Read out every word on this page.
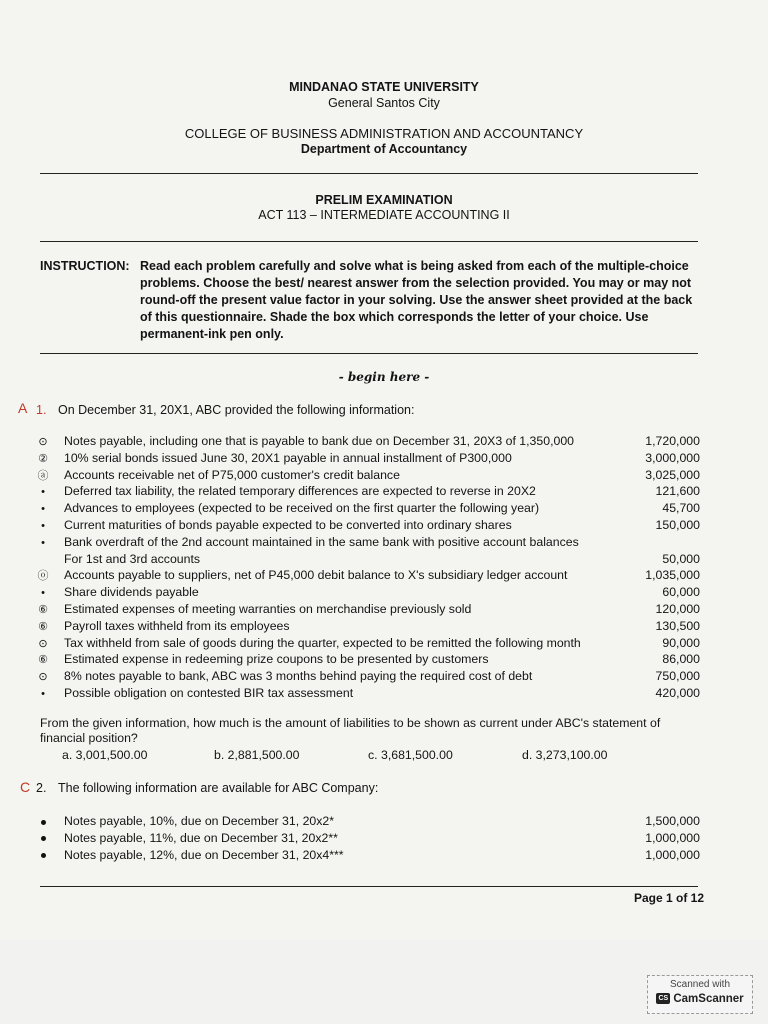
MINDANAO STATE UNIVERSITY
General Santos City
COLLEGE OF BUSINESS ADMINISTRATION AND ACCOUNTANCY
Department of Accountancy
PRELIM EXAMINATION
ACT 113 – INTERMEDIATE ACCOUNTING II
INSTRUCTION: Read each problem carefully and solve what is being asked from each of the multiple-choice problems. Choose the best/ nearest answer from the selection provided. You may or may not round-off the present value factor in your solving. Use the answer sheet provided at the back of this questionnaire. Shade the box which corresponds the letter of your choice. Use permanent-ink pen only.
- begin here -
A 1. On December 31, 20X1, ABC provided the following information:
⊙	Notes payable, including one that is payable to bank due on December 31, 20X3 of 1,350,000	1,720,000
②	10% serial bonds issued June 30, 20X1 payable in annual installment of P300,000	3,000,000
ⓐ	Accounts receivable net of P75,000 customer's credit balance	3,025,000
•	Deferred tax liability, the related temporary differences are expected to reverse in 20X2	121,600
•	Advances to employees (expected to be received on the first quarter the following year)	45,700
•	Current maturities of bonds payable expected to be converted into ordinary shares	150,000
•	Bank overdraft of the 2nd account maintained in the same bank with positive account balances
For 1st and 3rd accounts	50,000
ⓞ	Accounts payable to suppliers, net of P45,000 debit balance to X's subsidiary ledger account	1,035,000
•	Share dividends payable	60,000
⑥	Estimated expenses of meeting warranties on merchandise previously sold	120,000
⑥	Payroll taxes withheld from its employees	130,500
⊙	Tax withheld from sale of goods during the quarter, expected to be remitted the following month	90,000
⑥	Estimated expense in redeeming prize coupons to be presented by customers	86,000
⊙	8% notes payable to bank, ABC was 3 months behind paying the required cost of debt	750,000
•	Possible obligation on contested BIR tax assessment	420,000
From the given information, how much is the amount of liabilities to be shown as current under ABC's statement of financial position?
a. 3,001,500.00	b. 2,881,500.00	c. 3,681,500.00	d. 3,273,100.00
C 2. The following information are available for ABC Company:
Notes payable, 10%, due on December 31, 20x2*	1,500,000
Notes payable, 11%, due on December 31, 20x2**	1,000,000
Notes payable, 12%, due on December 31, 20x4***	1,000,000
Page 1 of 12
Scanned with
CS CamScanner
